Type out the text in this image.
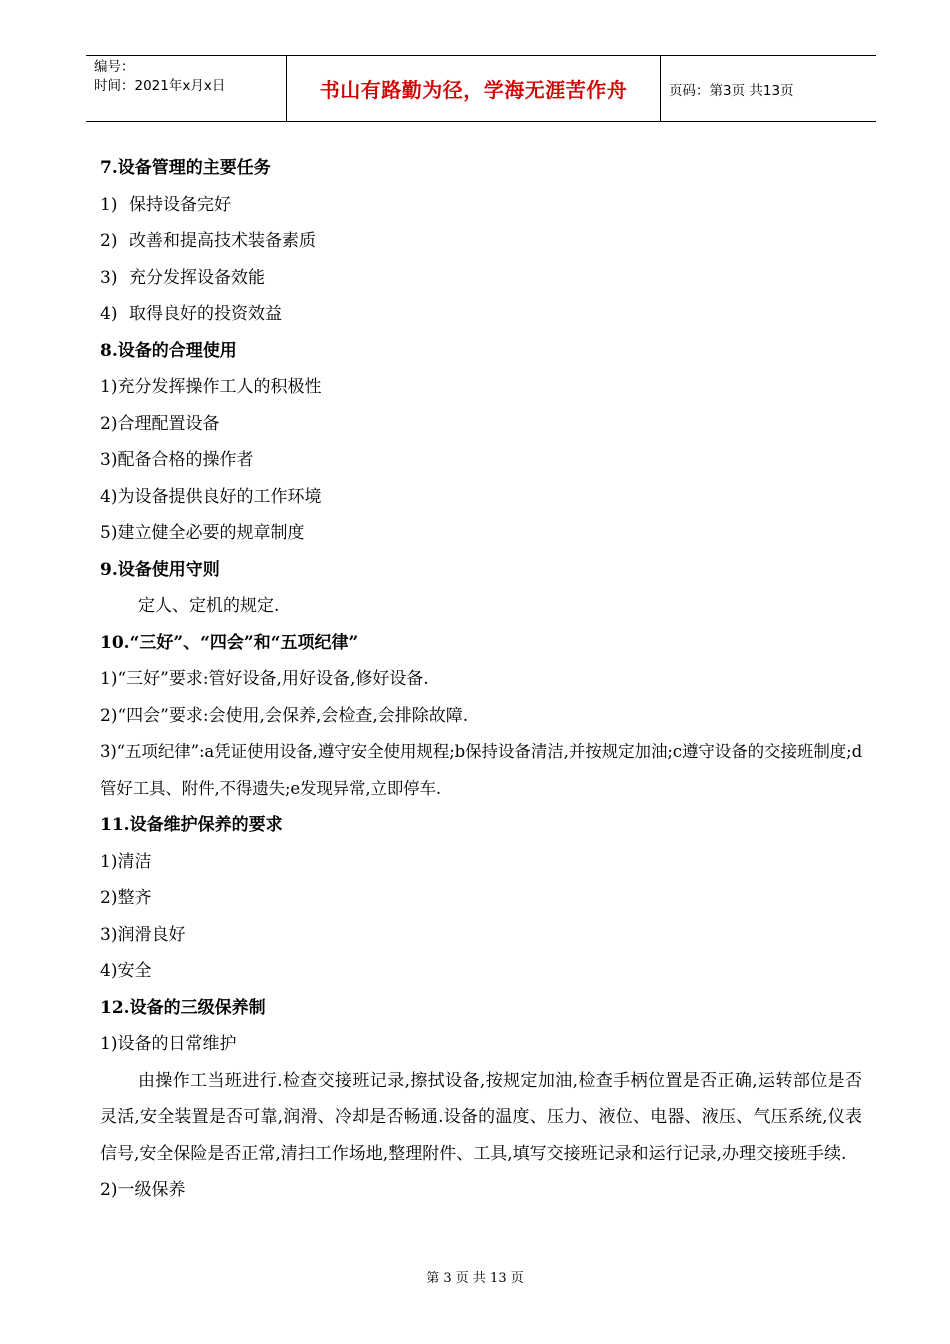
编号：
时间：2021年x月x日	书山有路勤为径，学海无涯苦作舟	页码：第3页 共13页
7.设备管理的主要任务
1) 保持设备完好
2) 改善和提高技术装备素质
3) 充分发挥设备效能
4) 取得良好的投资效益
8.设备的合理使用
1)充分发挥操作工人的积极性
2)合理配置设备
3)配备合格的操作者
4)为设备提供良好的工作环境
5)建立健全必要的规章制度
9.设备使用守则
定人、定机的规定.
10.“三好”、“四会”和“五项纪律”
1)“三好”要求:管好设备,用好设备,修好设备.
2)“四会”要求:会使用,会保养,会检查,会排除故障.
3)“五项纪律”:a凭证使用设备,遵守安全使用规程;b保持设备清洁,并按规定加油;c遵守设备的交接班制度;d管好工具、附件,不得遗失;e发现异常,立即停车.
11.设备维护保养的要求
1)清洁
2)整齐
3)润滑良好
4)安全
12.设备的三级保养制
1)设备的日常维护
由操作工当班进行.检查交接班记录,擦拭设备,按规定加油,检查手柄位置是否正确,运转部位是否灵活,安全装置是否可靠,润滑、冷却是否畅通.设备的温度、压力、液位、电器、液压、气压系统,仪表信号,安全保险是否正常,清扫工作场地,整理附件、工具,填写交接班记录和运行记录,办理交接班手续.
2)一级保养
第 3 页 共 13 页
